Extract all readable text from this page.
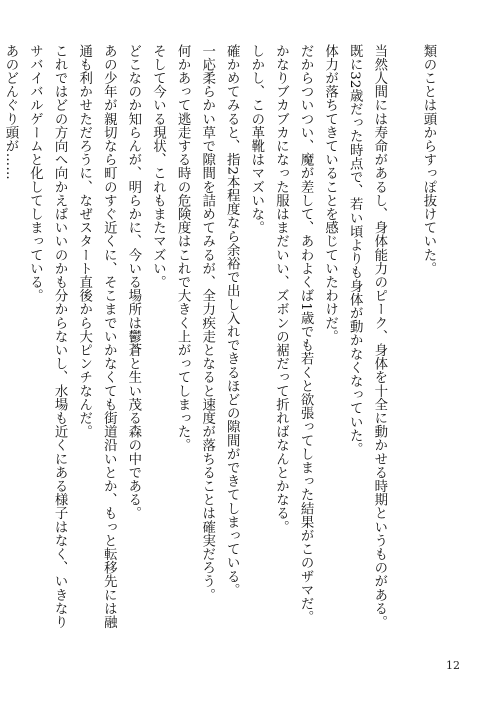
類のことは頭からすっぽ抜けていた。
当然人間には寿命があるし、身体能力のピーク、身体を十全に動かせる時期というものがある。
既に32歳だった時点で、若い頃よりも身体が動かなくなっていた。
体力が落ちてきていることを感じていたわけだ。
だからついつい、魔が差して、あわよくば1歳でも若くと欲張ってしまった結果がこのザマだ。
かなりブカブカになった服はまだいい、ズボンの裾だって折ればなんとかなる。
しかし、この革靴はマズいな。
確かめてみると、指2本程度なら余裕で出し入れできるほどの隙間ができてしまっている。
一応柔らかい草で隙間を詰めてみるが、全力疾走となると速度が落ちることは確実だろう。
何かあって逃走する時の危険度はこれで大きく上がってしまった。
そして今いる現状、これもまたマズい。
どこなのか知らんが、明らかに、今いる場所は鬱蒼と生い茂る森の中である。
あの少年が親切なら町のすぐ近くに、そこまでいかなくても街道沿いとか、もっと転移先には融
通も利かせただろうに、なぜスタート直後から大ピンチなんだ。
これではどの方向へ向かえばいいのかも分からないし、水場も近くにある様子はなく、いきなり
サバイバルゲームと化してしまっている。
あのどんぐり頭が……
12
